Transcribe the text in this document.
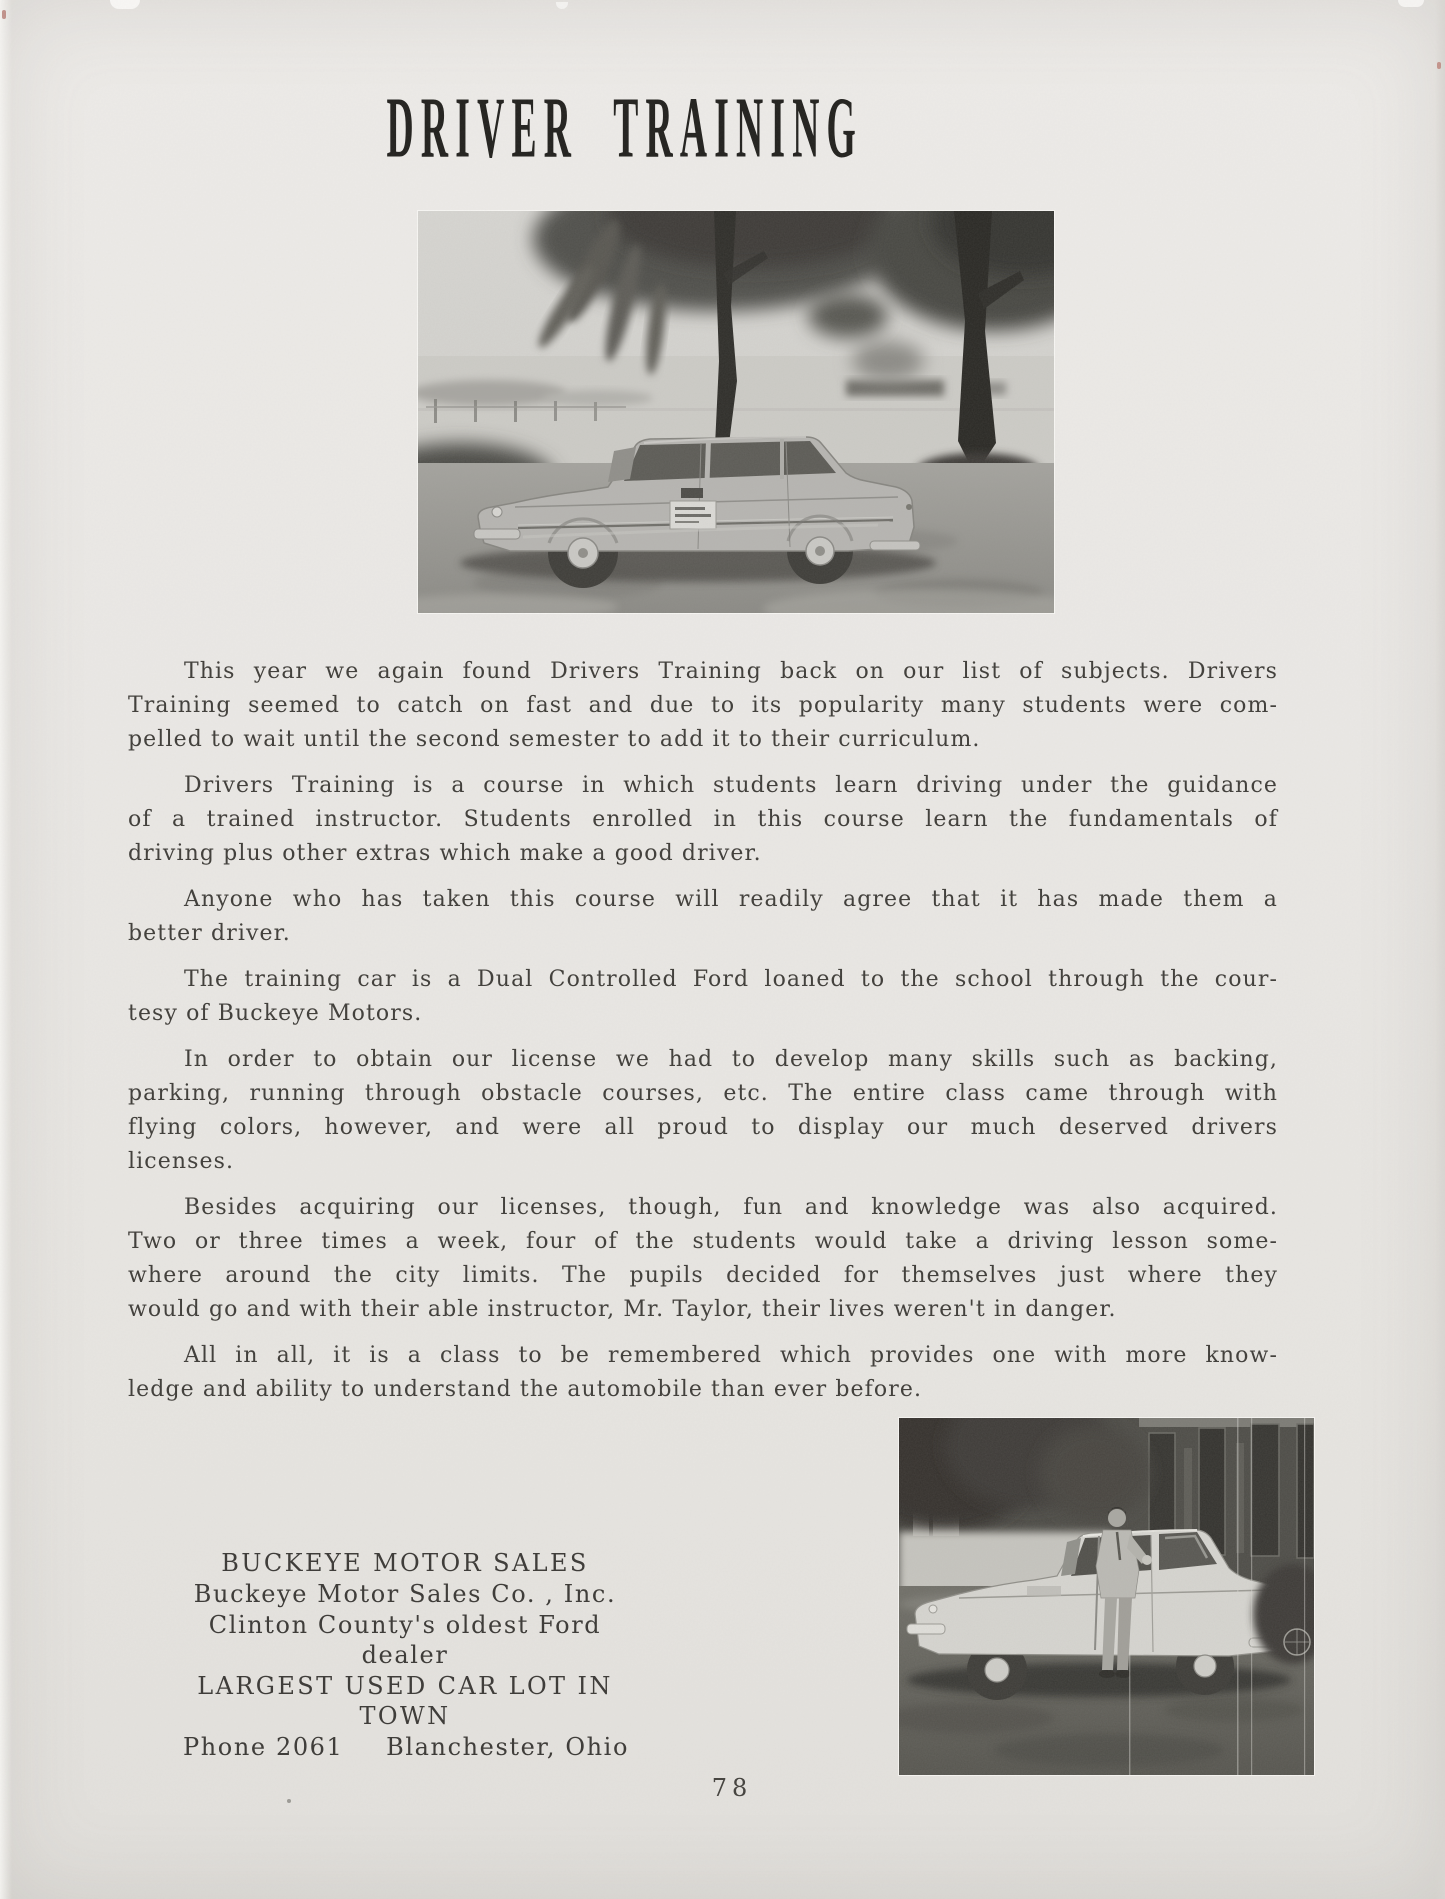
DRIVER TRAINING
This year we again found Drivers Training back on our list of subjects. Drivers
Training seemed to catch on fast and due to its popularity many students were com-
pelled to wait until the second semester to add it to their curriculum.
Drivers Training is a course in which students learn driving under the guidance
of a trained instructor. Students enrolled in this course learn the fundamentals of
driving plus other extras which make a good driver.
Anyone who has taken this course will readily agree that it has made them a
better driver.
The training car is a Dual Controlled Ford loaned to the school through the cour-
tesy of Buckeye Motors.
In order to obtain our license we had to develop many skills such as backing,
parking, running through obstacle courses, etc. The entire class came through with
flying colors, however, and were all proud to display our much deserved drivers
licenses.
Besides acquiring our licenses, though, fun and knowledge was also acquired.
Two or three times a week, four of the students would take a driving lesson some-
where around the city limits. The pupils decided for themselves just where they
would go and with their able instructor, Mr. Taylor, their lives weren't in danger.
All in all, it is a class to be remembered which provides one with more know-
ledge and ability to understand the automobile than ever before.
BUCKEYE MOTOR SALES
Buckeye Motor Sales Co. , Inc.
Clinton County's oldest Ford dealer
LARGEST USED CAR LOT IN TOWN
Phone 2061 Blanchester, Ohio
78
